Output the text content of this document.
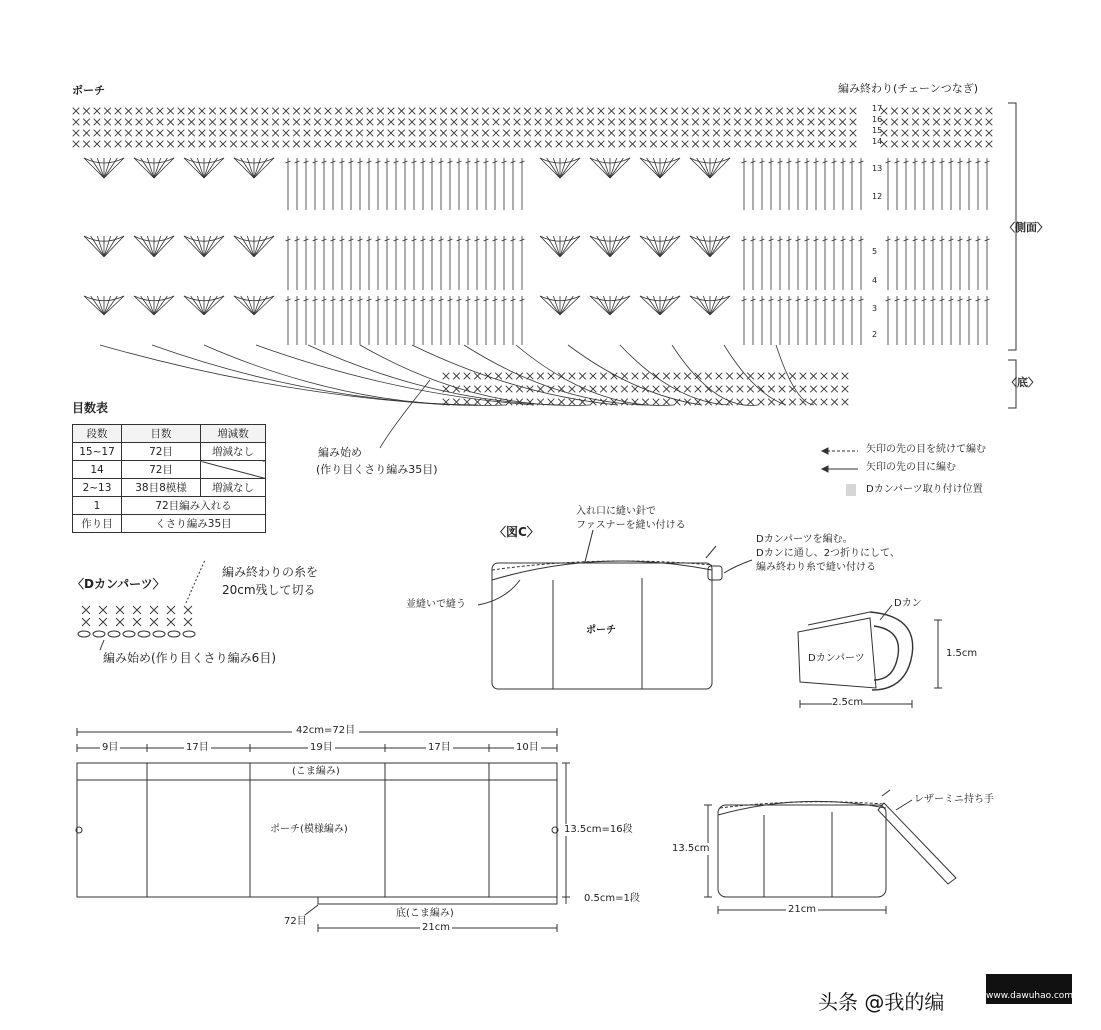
ポーチ	編み終わり(チェーンつなぎ)
〈側面〉
〈底〉
17
16
15
14
13
12
5
4
3
2
編み始め
(作り目くさり編み35目)
矢印の先の目を続けて編む
矢印の先の目に編む
Dカンパーツ取り付け位置
目数表
段数	目数	増減数
15~17	72目	増減なし
14	72目	
2~13	38目8模様	増減なし
1	72目編み入れる	
作り目	くさり編み35目	
〈Dカンパーツ〉
編み終わりの糸を
20cm残して切る
編み始め(作り目くさり編み6目)
〈図C〉
入れ口に縫い針で
ファスナーを縫い付ける
並縫いで縫う
ポーチ
Dカンパーツを編む。
Dカンに通し、2つ折りにして、
編み終わり糸で縫い付ける
Dカン
Dカンパーツ	1.5cm
2.5cm
42cm=72目
9目	17目	19目	17目	10目
(こま編み)
ポーチ(模様編み)	13.5cm=16段
0.5cm=1段
底(こま編み)
72目
21cm
レザーミニ持ち手
13.5cm
21cm
头条 @我的编	www.dawuhao.com
